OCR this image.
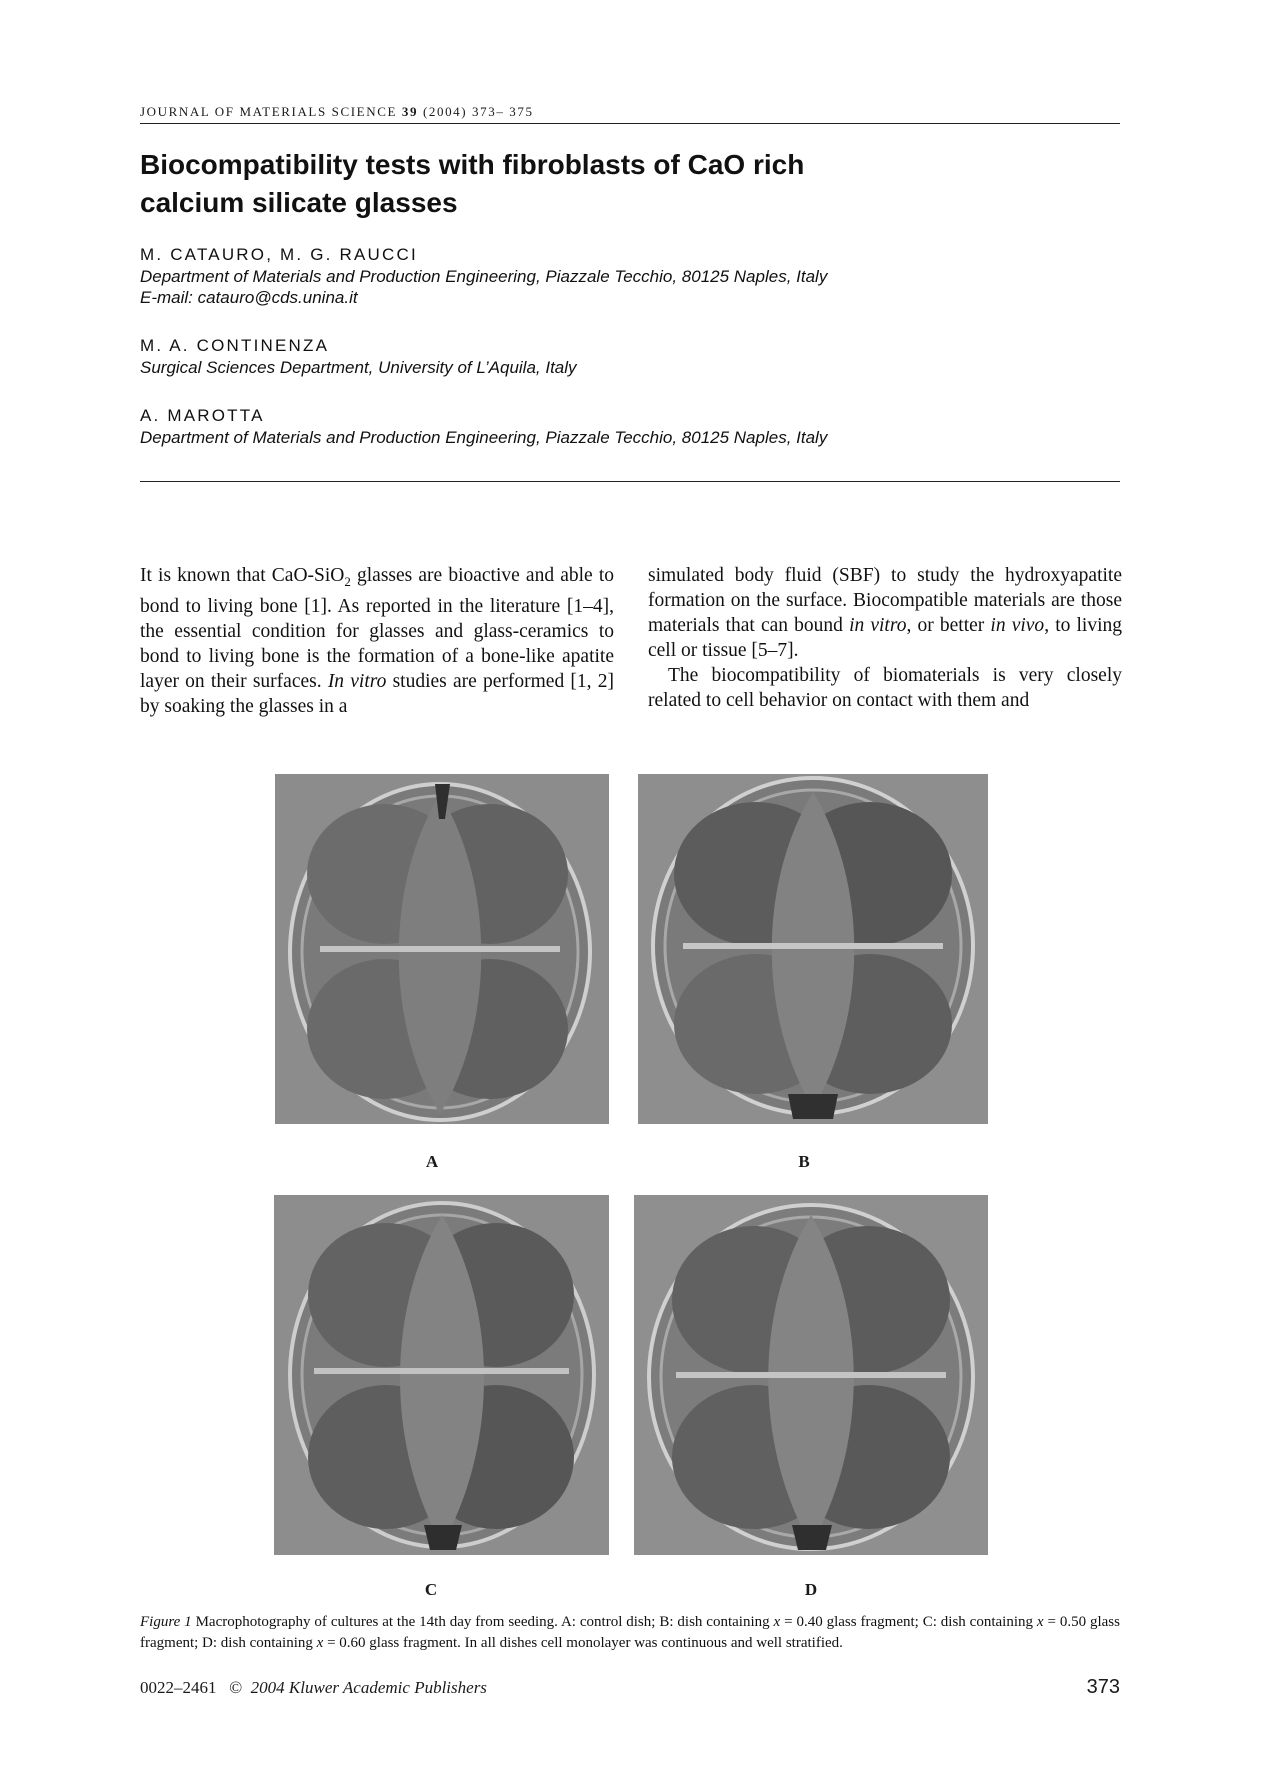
JOURNAL OF MATERIALS SCIENCE 39 (2004) 373– 375
Biocompatibility tests with fibroblasts of CaO rich
calcium silicate glasses
M. CATAURO, M. G. RAUCCI
Department of Materials and Production Engineering, Piazzale Tecchio, 80125 Naples, Italy
E-mail: catauro@cds.unina.it
M. A. CONTINENZA
Surgical Sciences Department, University of L’Aquila, Italy
A. MAROTTA
Department of Materials and Production Engineering, Piazzale Tecchio, 80125 Naples, Italy

It is known that CaO-SiO$_2$ glasses are bioactive and able to bond to living bone [1]. As reported in the literature [1–4], the essential condition for glasses and glass-ceramics to bond to living bone is the formation of a bone-like apatite layer on their surfaces. In vitro studies are performed [1, 2] by soaking the glasses in a

simulated body fluid (SBF) to study the hydroxyapatite formation on the surface. Biocompatible materials are those materials that can bound in vitro, or better in vivo, to living cell or tissue [5–7].

The biocompatibility of biomaterials is very closely related to cell behavior on contact with them and

A	B
C	D
Figure 1 Macrophotography of cultures at the 14th day from seeding. A: control dish; B: dish containing x = 0.40 glass fragment; C: dish containing x = 0.50 glass fragment; D: dish containing x = 0.60 glass fragment. In all dishes cell monolayer was continuous and well stratified.
0022–2461 © 2004 Kluwer Academic Publishers	373
